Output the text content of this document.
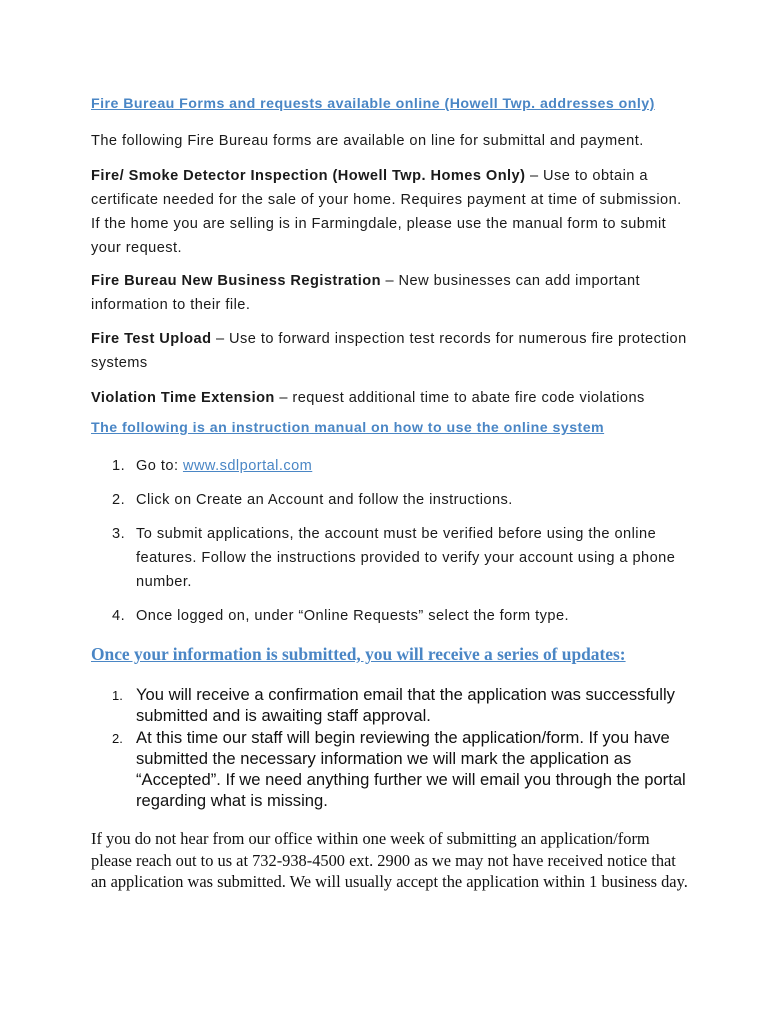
Fire Bureau Forms and requests available online (Howell Twp. addresses only)
The following Fire Bureau forms are available on line for submittal and payment.
Fire/ Smoke Detector Inspection (Howell Twp. Homes Only) – Use to obtain a certificate needed for the sale of your home. Requires payment at time of submission. If the home you are selling is in Farmingdale, please use the manual form to submit your request.
Fire Bureau New Business Registration – New businesses can add important information to their file.
Fire Test Upload – Use to forward inspection test records for numerous fire protection systems
Violation Time Extension – request additional time to abate fire code violations
The following is an instruction manual on how to use the online system
1. Go to: www.sdlportal.com
2. Click on Create an Account and follow the instructions.
3. To submit applications, the account must be verified before using the online features. Follow the instructions provided to verify your account using a phone number.
4. Once logged on, under “Online Requests” select the form type.
Once your information is submitted, you will receive a series of updates:
1. You will receive a confirmation email that the application was successfully submitted and is awaiting staff approval.
2. At this time our staff will begin reviewing the application/form. If you have submitted the necessary information we will mark the application as “Accepted”. If we need anything further we will email you through the portal regarding what is missing.
If you do not hear from our office within one week of submitting an application/form please reach out to us at 732-938-4500 ext. 2900 as we may not have received notice that an application was submitted. We will usually accept the application within 1 business day.
